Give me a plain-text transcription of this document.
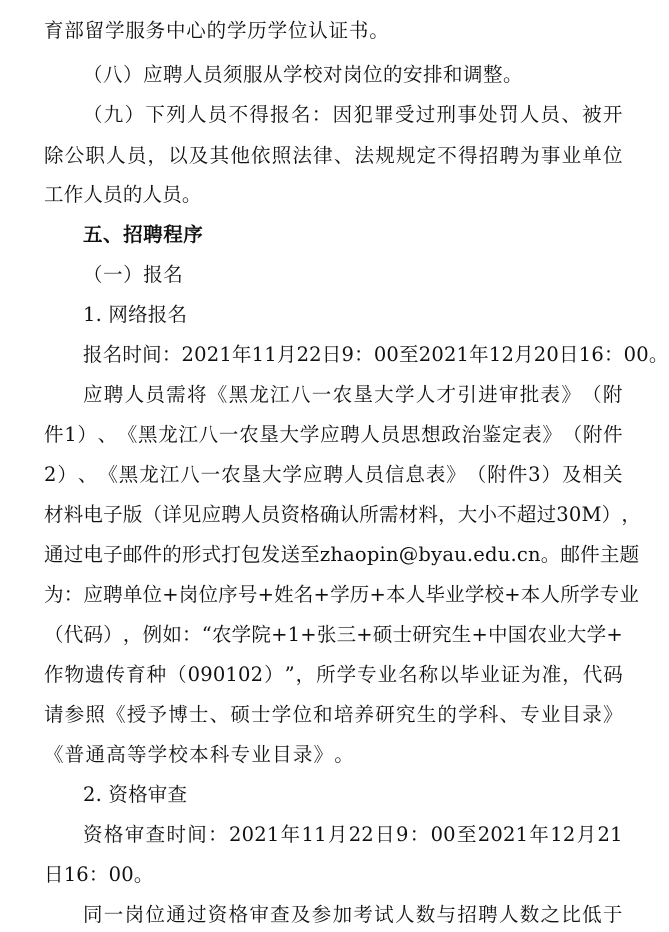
育 部 留 学 服 务 中 心 的 学 历 学 位 认 证 书 。
（ 八 ） 应 聘 人 员 须 服 从 学 校 对 岗 位 的 安 排 和 调 整 。
（ 九 ） 下 列 人 员 不 得 报 名 ： 因 犯 罪 受 过 刑 事 处 罚 人 员 、 被 开
除 公 职 人 员 ， 以 及 其 他 依 照 法 律 、 法 规 规 定 不 得 招 聘 为 事 业 单 位
工 作 人 员 的 人 员 。
五 、 招 聘 程 序
（ 一 ） 报 名
1. 网络报名
报 名 时 间 ： 2021 年 11 月 22 日 9 ： 00 至 2021 年 12 月 20 日 16 ： 00 。
应 聘 人 员 需 将 《 黑 龙 江 八 一 农 垦 大 学 人 才 引 进 审 批 表 》 （ 附
件 1 ） 、 《 黑 龙 江 八 一 农 垦 大 学 应 聘 人 员 思 想 政 治 鉴 定 表 》 （ 附 件
2 ） 、 《 黑 龙 江 八 一 农 垦 大 学 应 聘 人 员 信 息 表 》 （ 附 件 3 ） 及 相 关
材 料 电 子 版 （ 详 见 应 聘 人 员 资 格 确 认 所 需 材 料 ， 大 小 不 超 过 30M ） ，
通 过 电 子 邮 件 的 形 式 打 包 发 送 至 zhaopin@byau.edu.cn 。 邮 件 主 题
为 ： 应 聘 单 位 + 岗 位 序 号 + 姓 名 + 学 历 + 本 人 毕 业 学 校 + 本 人 所 学 专 业
（ 代 码 ） ， 例 如 ： “ 农 学 院 + 1 + 张 三 + 硕 士 研 究 生 + 中 国 农 业 大 学 +
作 物 遗 传 育 种 （ 090102 ） ” ， 所 学 专 业 名 称 以 毕 业 证 为 准 ， 代 码
请 参 照 《 授 予 博 士 、 硕 士 学 位 和 培 养 研 究 生 的 学 科 、 专 业 目 录 》
《 普 通 高 等 学 校 本 科 专 业 目 录 》 。
2. 资格审查
资 格 审 查 时 间 ： 2021 年 11 月 22 日 9 ： 00 至 2021 年 12 月 21
日16：00。
同 一 岗 位 通 过 资 格 审 查 及 参 加 考 试 人 数 与 招 聘 人 数 之 比 低 于
